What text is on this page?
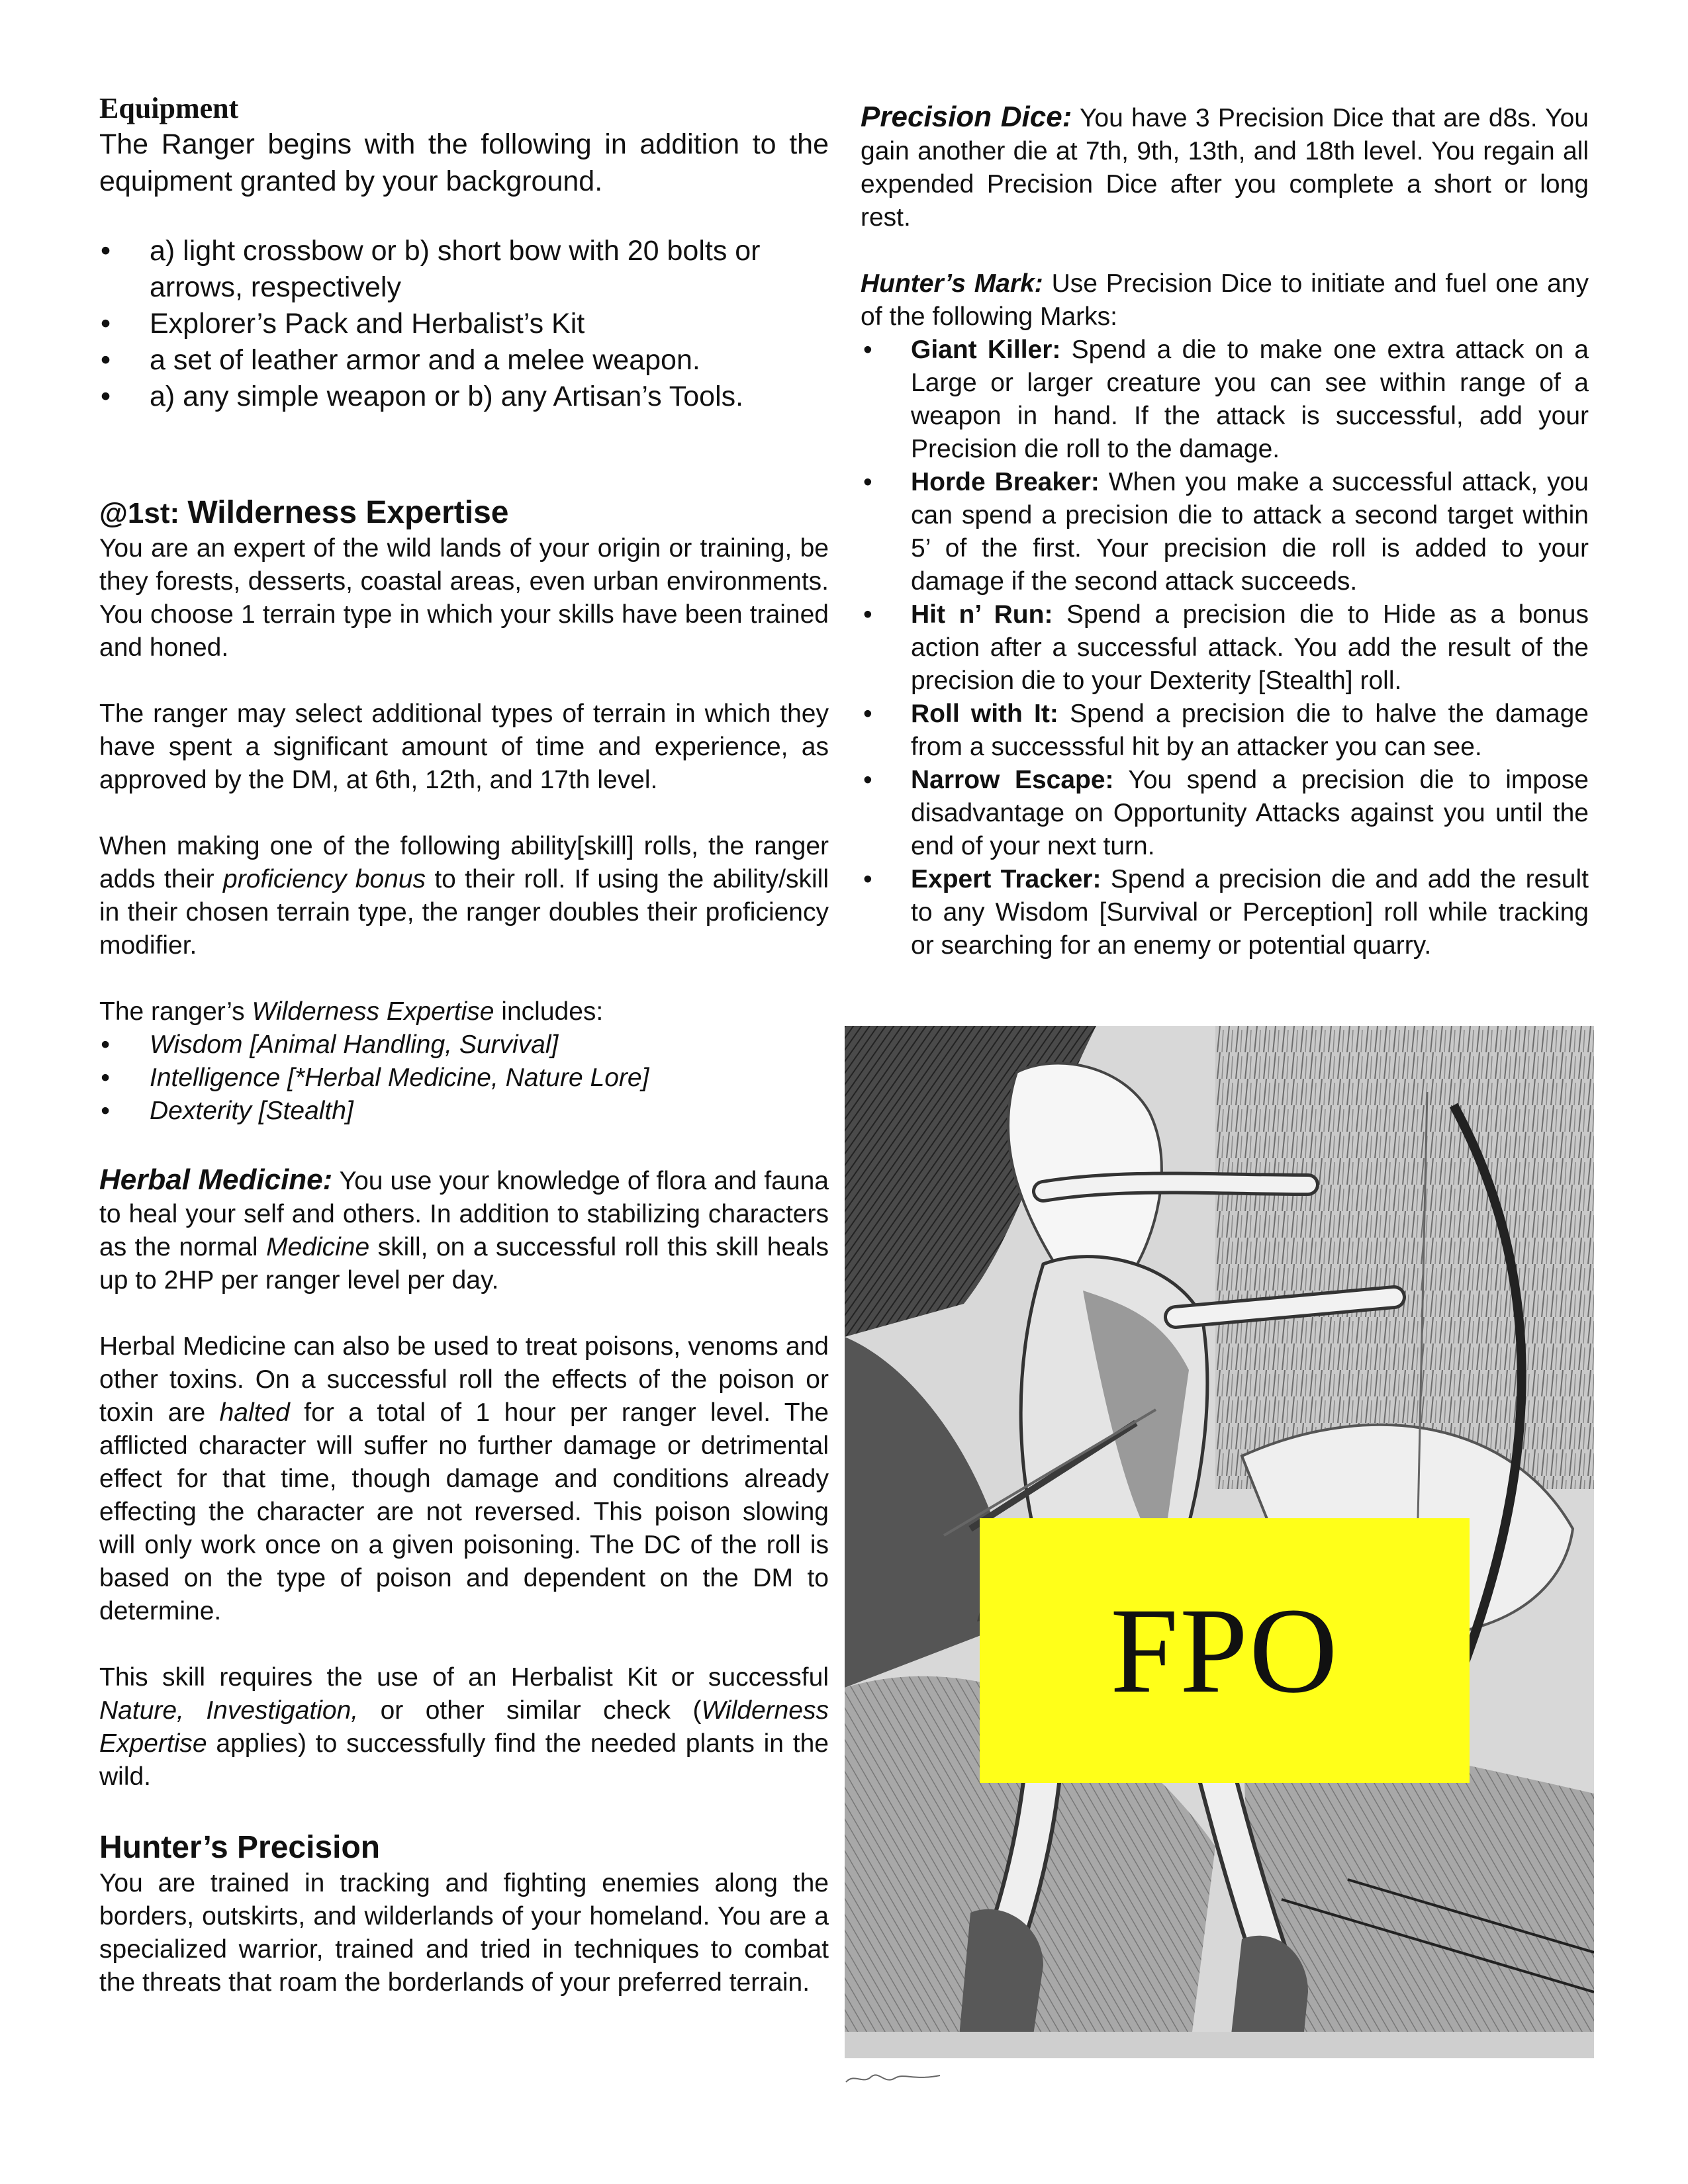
Equipment

The Ranger begins with the following in addition to the equipment granted by your background.

• a) light crossbow or b) short bow with 20 bolts or arrows, respectively
• Explorer’s Pack and Herbalist’s Kit
• a set of leather armor and a melee weapon.
• a) any simple weapon or b) any Artisan’s Tools.
@1st: Wilderness Expertise

You are an expert of the wild lands of your origin or training, be they forests, desserts, coastal areas, even urban environments. You choose 1 terrain type in which your skills have been trained and honed.

The ranger may select additional types of terrain in which they have spent a significant amount of time and experience, as approved by the DM, at 6th, 12th, and 17th level.

When making one of the following ability[skill] rolls, the ranger adds their proficiency bonus to their roll. If using the ability/skill in their chosen terrain type, the ranger doubles their proficiency modifier.

The ranger’s Wilderness Expertise includes:

• Wisdom [Animal Handling, Survival]
• Intelligence [*Herbal Medicine, Nature Lore]
• Dexterity [Stealth]

Herbal Medicine: You use your knowledge of flora and fauna to heal your self and others. In addition to stabilizing characters as the normal Medicine skill, on a successful roll this skill heals up to 2HP per ranger level per day.

Herbal Medicine can also be used to treat poisons, venoms and other toxins. On a successful roll the effects of the poison or toxin are halted for a total of 1 hour per ranger level. The afflicted character will suffer no further damage or detrimental effect for that time, though damage and conditions already effecting the character are not reversed. This poison slowing will only work once on a given poisoning. The DC of the roll is based on the type of poison and dependent on the DM to determine.

This skill requires the use of an Herbalist Kit or successful Nature, Investigation, or other similar check (Wilderness Expertise applies) to successfully find the needed plants in the wild.

Hunter’s Precision

You are trained in tracking and fighting enemies along the borders, outskirts, and wilderlands of your homeland. You are a specialized warrior, trained and tried in techniques to combat the threats that roam the borderlands of your preferred terrain.

Precision Dice: You have 3 Precision Dice that are d8s. You gain another die at 7th, 9th, 13th, and 18th level. You regain all expended Precision Dice after you complete a short or long rest.

Hunter’s Mark: Use Precision Dice to initiate and fuel one any of the following Marks:

• Giant Killer: Spend a die to make one extra attack on a Large or larger creature you can see within range of a weapon in hand. If the attack is successful, add your Precision die roll to the damage.
• Horde Breaker: When you make a successful attack, you can spend a precision die to attack a second target within 5’ of the first. Your precision die roll is added to your damage if the second attack succeeds.
• Hit n’ Run: Spend a precision die to Hide as a bonus action after a successful attack. You add the result of the precision die to your Dexterity [Stealth] roll.
• Roll with It: Spend a precision die to halve the damage from a successsful hit by an attacker you can see.
• Narrow Escape: You spend a precision die to impose disadvantage on Opportunity Attacks against you until the end of your next turn.
• Expert Tracker: Spend a precision die and add the result to any Wisdom [Survival or Perception] roll while tracking or searching for an enemy or potential quarry.
FPO
